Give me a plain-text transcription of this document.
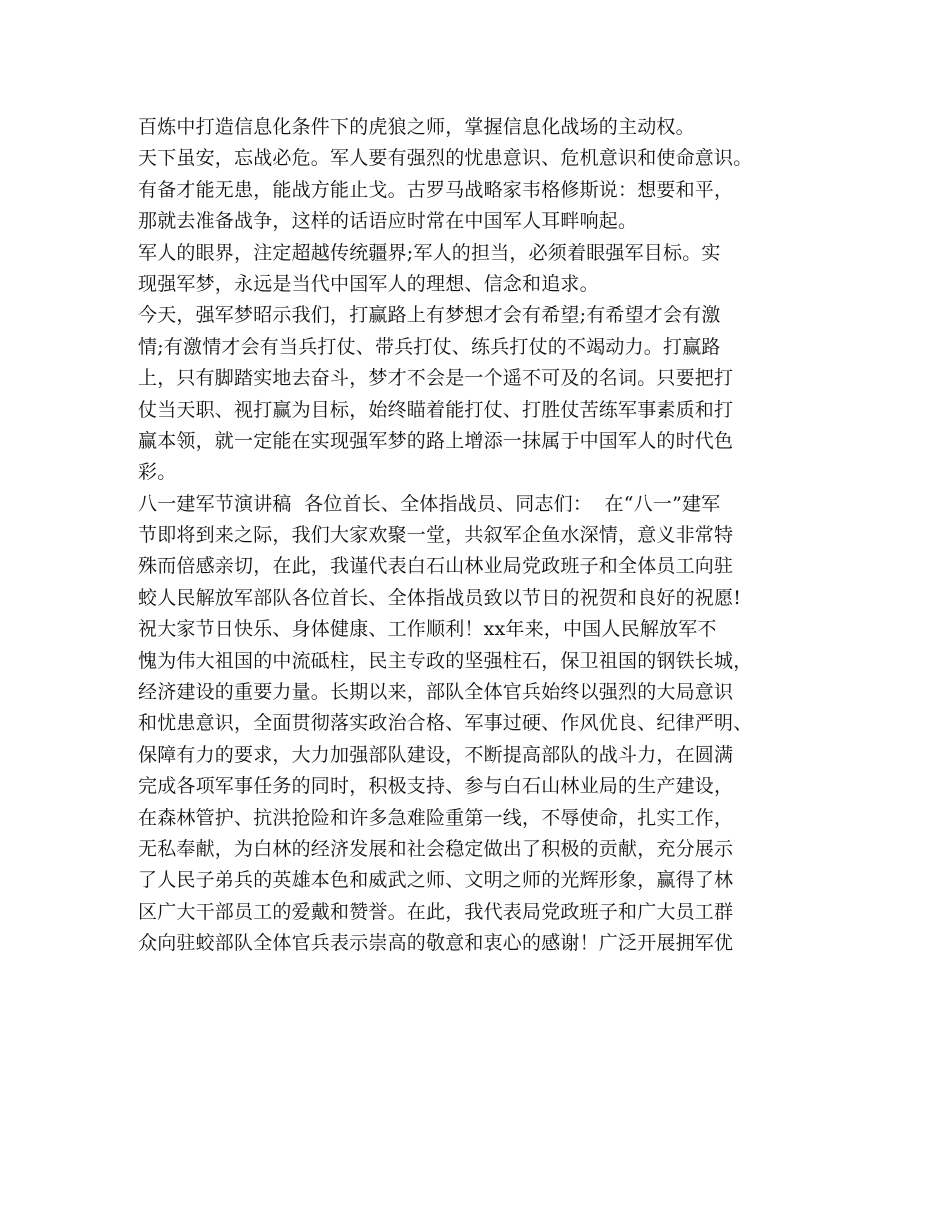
百炼中打造信息化条件下的虎狼之师，掌握信息化战场的主动权。
天下虽安，忘战必危。军人要有强烈的忧患意识、危机意识和使命意识。
有备才能无患，能战方能止戈。古罗马战略家韦格修斯说：想要和平，
那就去准备战争，这样的话语应时常在中国军人耳畔响起。
军人的眼界，注定超越传统疆界;军人的担当，必须着眼强军目标。实
现强军梦，永远是当代中国军人的理想、信念和追求。
今天，强军梦昭示我们，打赢路上有梦想才会有希望;有希望才会有激
情;有激情才会有当兵打仗、带兵打仗、练兵打仗的不竭动力。打赢路
上，只有脚踏实地去奋斗，梦才不会是一个遥不可及的名词。只要把打
仗当天职、视打赢为目标，始终瞄着能打仗、打胜仗苦练军事素质和打
赢本领，就一定能在实现强军梦的路上增添一抹属于中国军人的时代色
彩。
八一建军节演讲稿  各位首长、全体指战员、同志们：  在“八一”建军
节即将到来之际，我们大家欢聚一堂，共叙军企鱼水深情，意义非常特
殊而倍感亲切，在此，我谨代表白石山林业局党政班子和全体员工向驻
蛟人民解放军部队各位首长、全体指战员致以节日的祝贺和良好的祝愿!
祝大家节日快乐、身体健康、工作顺利！xx年来，中国人民解放军不
愧为伟大祖国的中流砥柱，民主专政的坚强柱石，保卫祖国的钢铁长城，
经济建设的重要力量。长期以来，部队全体官兵始终以强烈的大局意识
和忧患意识，全面贯彻落实政治合格、军事过硬、作风优良、纪律严明、
保障有力的要求，大力加强部队建设，不断提高部队的战斗力，在圆满
完成各项军事任务的同时，积极支持、参与白石山林业局的生产建设，
在森林管护、抗洪抢险和许多急难险重第一线，不辱使命，扎实工作，
无私奉献，为白林的经济发展和社会稳定做出了积极的贡献，充分展示
了人民子弟兵的英雄本色和威武之师、文明之师的光辉形象，赢得了林
区广大干部员工的爱戴和赞誉。在此，我代表局党政班子和广大员工群
众向驻蛟部队全体官兵表示崇高的敬意和衷心的感谢！广泛开展拥军优
